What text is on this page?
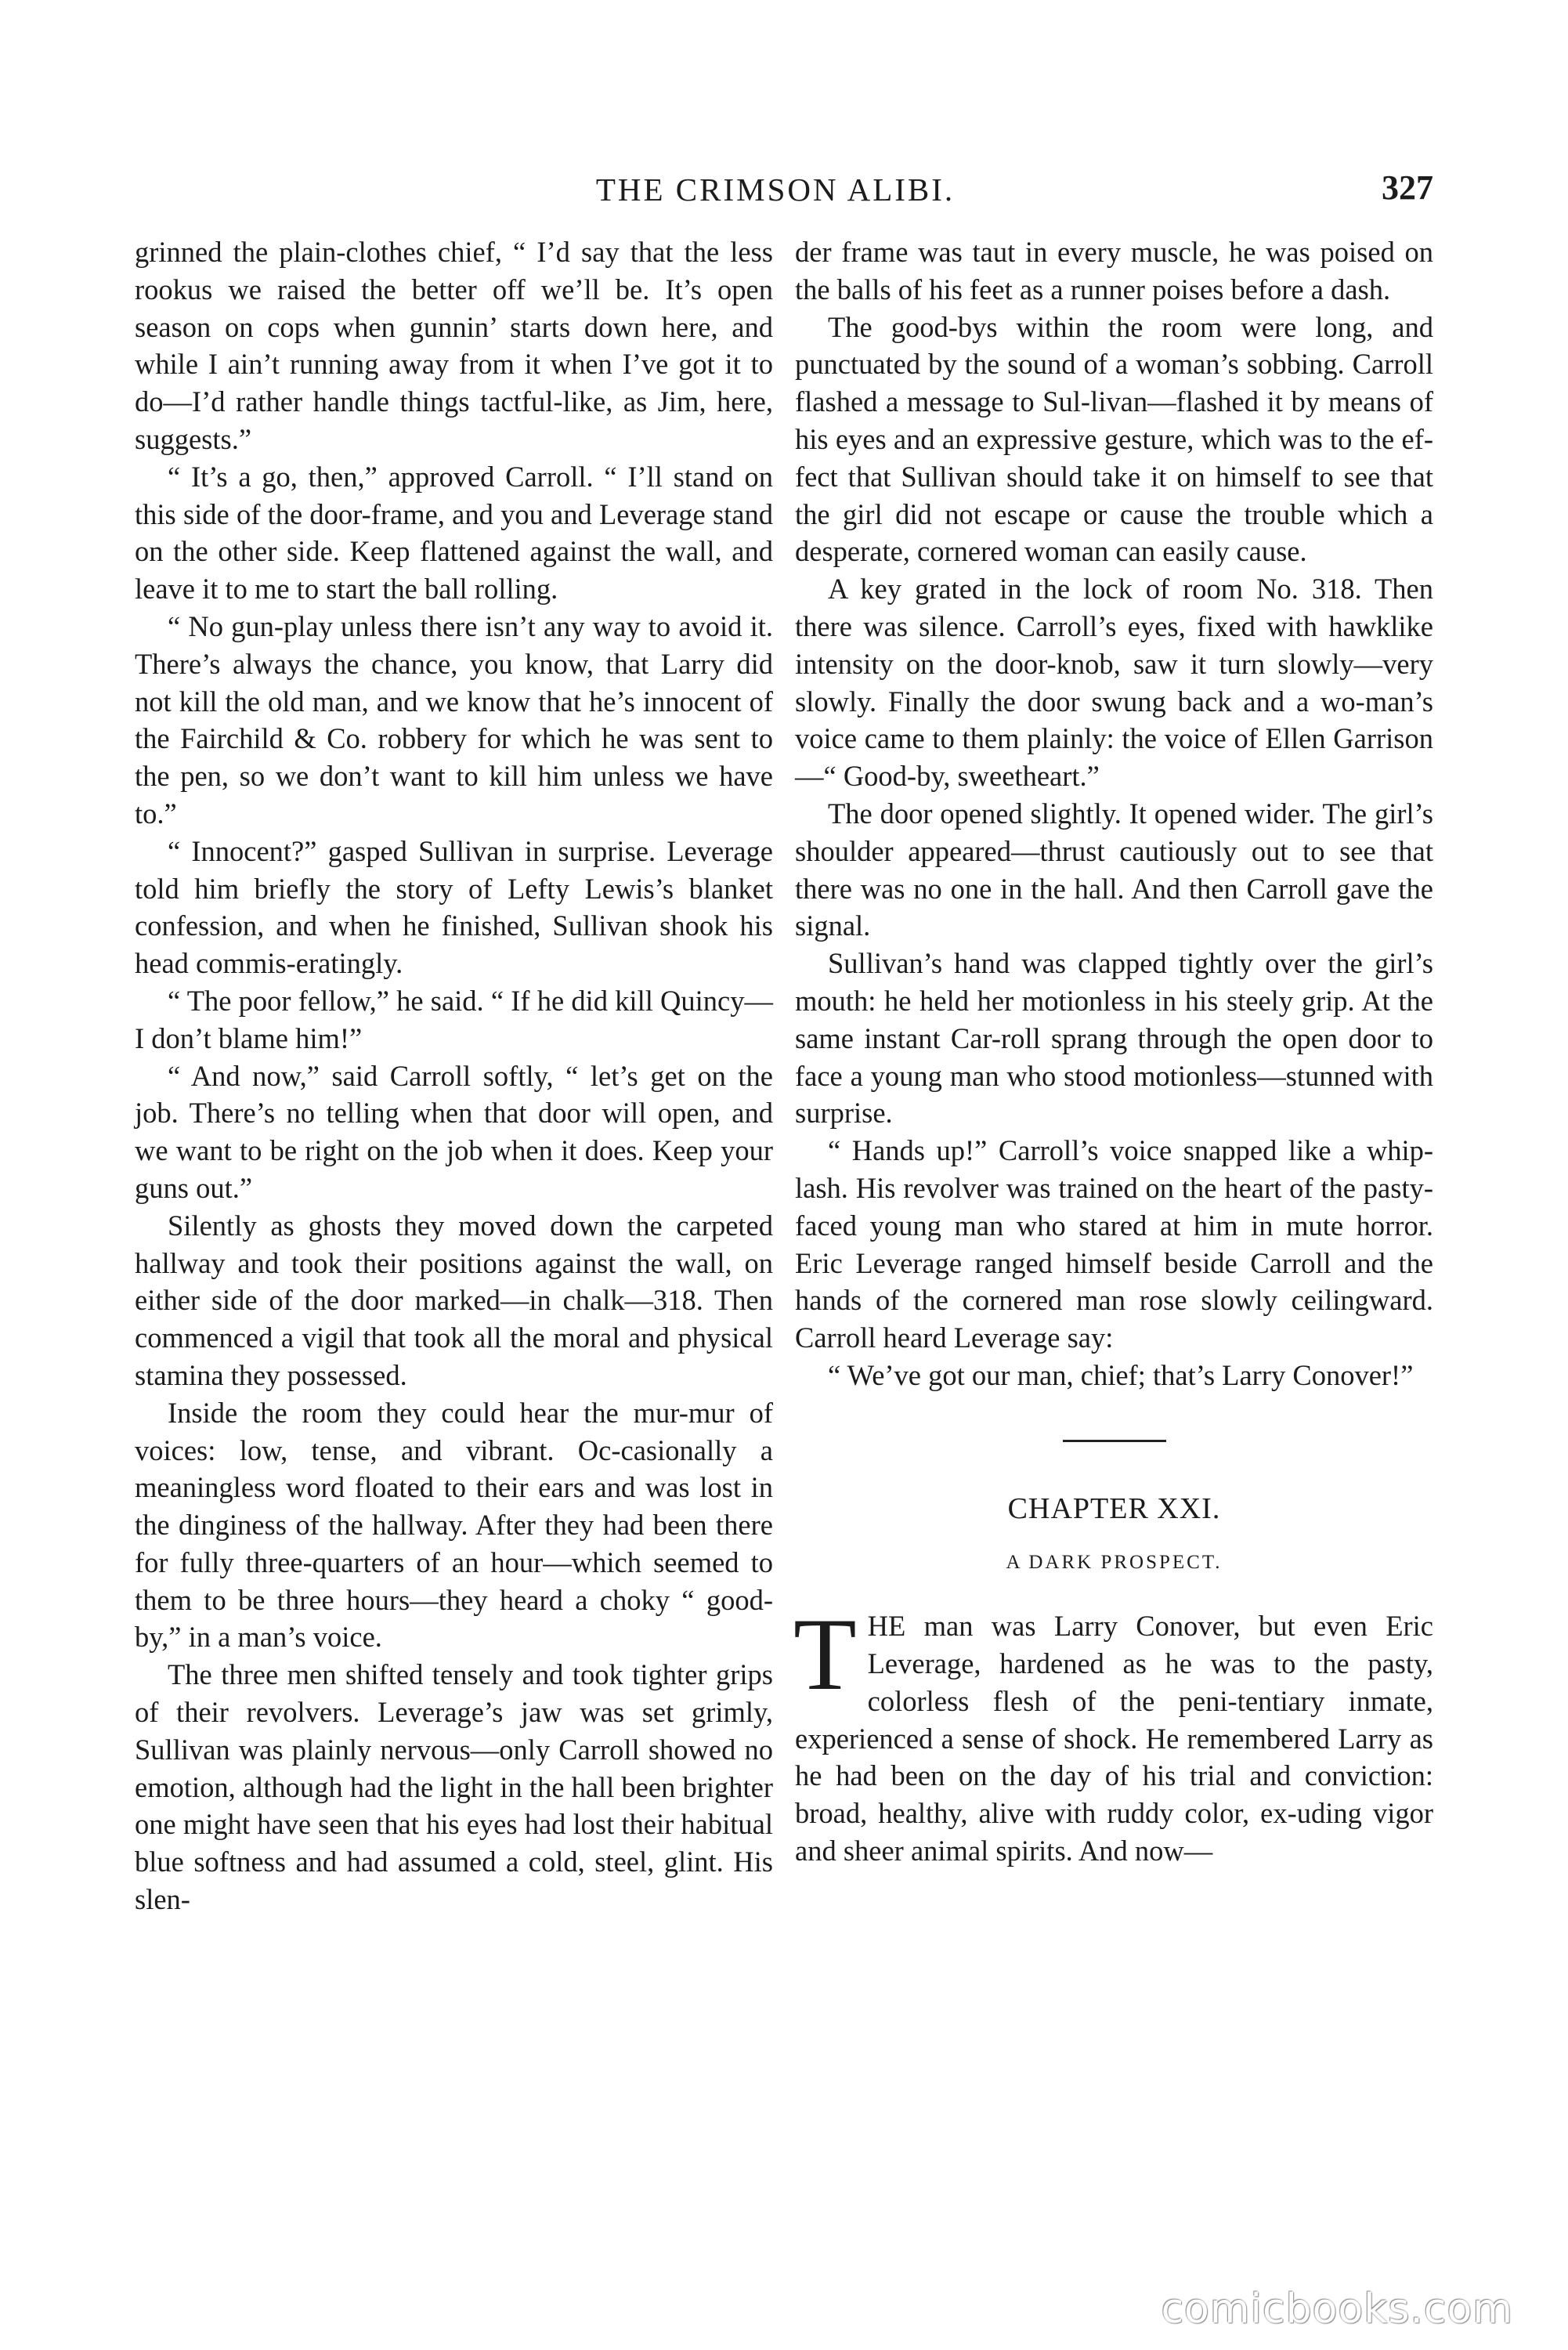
THE CRIMSON ALIBI.	327

grinned the plain-clothes chief, “ I’d say that the less rookus we raised the better off we’ll be. It’s open season on cops when gunnin’ starts down here, and while I ain’t running away from it when I’ve got it to do—I’d rather handle things tactful-like, as Jim, here, suggests.”

“ It’s a go, then,” approved Carroll. “ I’ll stand on this side of the door-frame, and you and Leverage stand on the other side. Keep flattened against the wall, and leave it to me to start the ball rolling.

“ No gun-play unless there isn’t any way to avoid it. There’s always the chance, you know, that Larry did not kill the old man, and we know that he’s innocent of the Fairchild & Co. robbery for which he was sent to the pen, so we don’t want to kill him unless we have to.”

“ Innocent?” gasped Sullivan in surprise. Leverage told him briefly the story of Lefty Lewis’s blanket confession, and when he finished, Sullivan shook his head commis-eratingly.

“ The poor fellow,” he said. “ If he did kill Quincy—I don’t blame him!”

“ And now,” said Carroll softly, “ let’s get on the job. There’s no telling when that door will open, and we want to be right on the job when it does. Keep your guns out.”

Silently as ghosts they moved down the carpeted hallway and took their positions against the wall, on either side of the door marked—in chalk—318. Then commenced a vigil that took all the moral and physical stamina they possessed.

Inside the room they could hear the mur-mur of voices: low, tense, and vibrant. Oc-casionally a meaningless word floated to their ears and was lost in the dinginess of the hallway. After they had been there for fully three-quarters of an hour—which seemed to them to be three hours—they heard a choky “ good-by,” in a man’s voice.

The three men shifted tensely and took tighter grips of their revolvers. Leverage’s jaw was set grimly, Sullivan was plainly nervous—only Carroll showed no emotion, although had the light in the hall been brighter one might have seen that his eyes had lost their habitual blue softness and had assumed a cold, steel, glint. His slen-

der frame was taut in every muscle, he was poised on the balls of his feet as a runner poises before a dash.

The good-bys within the room were long, and punctuated by the sound of a woman’s sobbing. Carroll flashed a message to Sul-livan—flashed it by means of his eyes and an expressive gesture, which was to the ef-fect that Sullivan should take it on himself to see that the girl did not escape or cause the trouble which a desperate, cornered woman can easily cause.

A key grated in the lock of room No. 318. Then there was silence. Carroll’s eyes, fixed with hawklike intensity on the door-knob, saw it turn slowly—very slowly. Finally the door swung back and a wo-man’s voice came to them plainly: the voice of Ellen Garrison—“ Good-by, sweetheart.”

The door opened slightly. It opened wider. The girl’s shoulder appeared—thrust cautiously out to see that there was no one in the hall. And then Carroll gave the signal.

Sullivan’s hand was clapped tightly over the girl’s mouth: he held her motionless in his steely grip. At the same instant Car-roll sprang through the open door to face a young man who stood motionless—stunned with surprise.

“ Hands up!” Carroll’s voice snapped like a whip-lash. His revolver was trained on the heart of the pasty-faced young man who stared at him in mute horror. Eric Leverage ranged himself beside Carroll and the hands of the cornered man rose slowly ceilingward. Carroll heard Leverage say:

“ We’ve got our man, chief; that’s Larry Conover!”

CHAPTER XXI.
A DARK PROSPECT.

THE man was Larry Conover, but even Eric Leverage, hardened as he was to the pasty, colorless flesh of the peni-tentiary inmate, experienced a sense of shock. He remembered Larry as he had been on the day of his trial and conviction: broad, healthy, alive with ruddy color, ex-uding vigor and sheer animal spirits. And now—

comicbooks.com
